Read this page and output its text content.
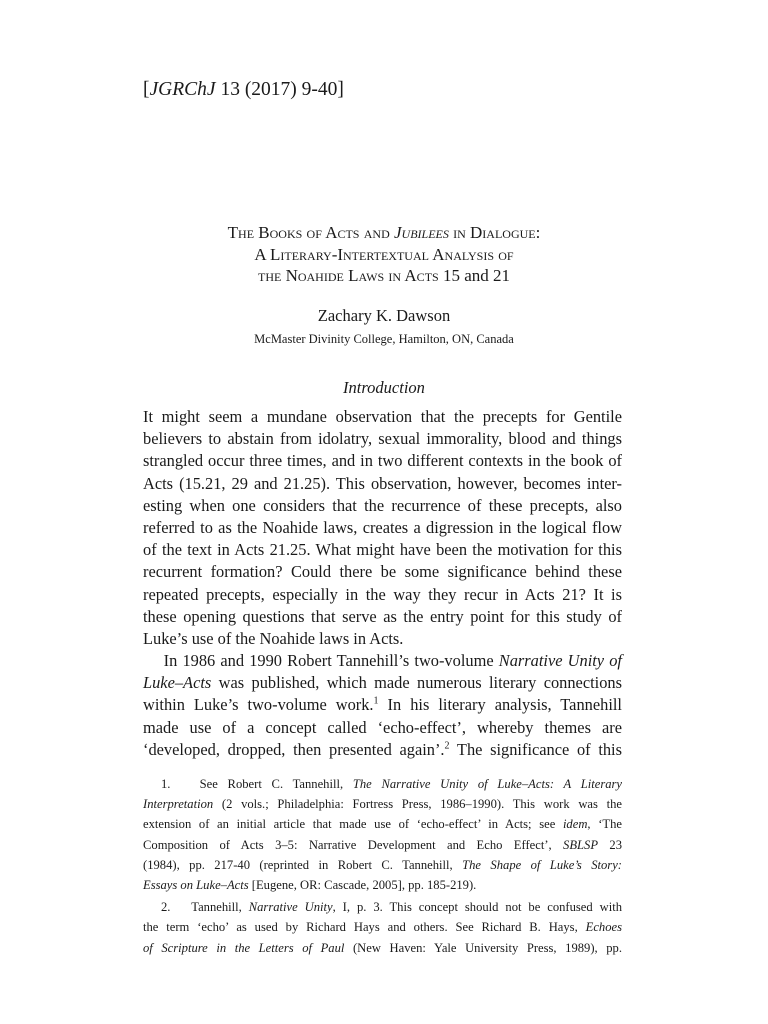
[JGRChJ 13 (2017) 9-40]
The Books of Acts and Jubilees in Dialogue:
A Literary-Intertextual Analysis of
the Noahide Laws in Acts 15 and 21
Zachary K. Dawson
McMaster Divinity College, Hamilton, ON, Canada
Introduction
It might seem a mundane observation that the precepts for Gentile
believers to abstain from idolatry, sexual immorality, blood and things
strangled occur three times, and in two different contexts in the book of
Acts (15.21, 29 and 21.25). This observation, however, becomes inter-
esting when one considers that the recurrence of these precepts, also
referred to as the Noahide laws, creates a digression in the logical flow
of the text in Acts 21.25. What might have been the motivation for this
recurrent formation? Could there be some significance behind these
repeated precepts, especially in the way they recur in Acts 21? It is
these opening questions that serve as the entry point for this study of
Luke’s use of the Noahide laws in Acts.
In 1986 and 1990 Robert Tannehill’s two-volume Narrative Unity of
Luke–Acts was published, which made numerous literary connections
within Luke’s two-volume work.$^1$ In his literary analysis, Tannehill
made use of a concept called ‘echo-effect’, whereby themes are
‘developed, dropped, then presented again’.$^2$ The significance of this
1. See Robert C. Tannehill, The Narrative Unity of Luke–Acts: A Literary
Interpretation (2 vols.; Philadelphia: Fortress Press, 1986–1990). This work was the
extension of an initial article that made use of ‘echo-effect’ in Acts; see idem, ‘The
Composition of Acts 3–5: Narrative Development and Echo Effect’, SBLSP 23
(1984), pp. 217-40 (reprinted in Robert C. Tannehill, The Shape of Luke’s Story:
Essays on Luke–Acts [Eugene, OR: Cascade, 2005], pp. 185-219).
2. Tannehill, Narrative Unity, I, p. 3. This concept should not be confused with
the term ‘echo’ as used by Richard Hays and others. See Richard B. Hays, Echoes
of Scripture in the Letters of Paul (New Haven: Yale University Press, 1989), pp.
